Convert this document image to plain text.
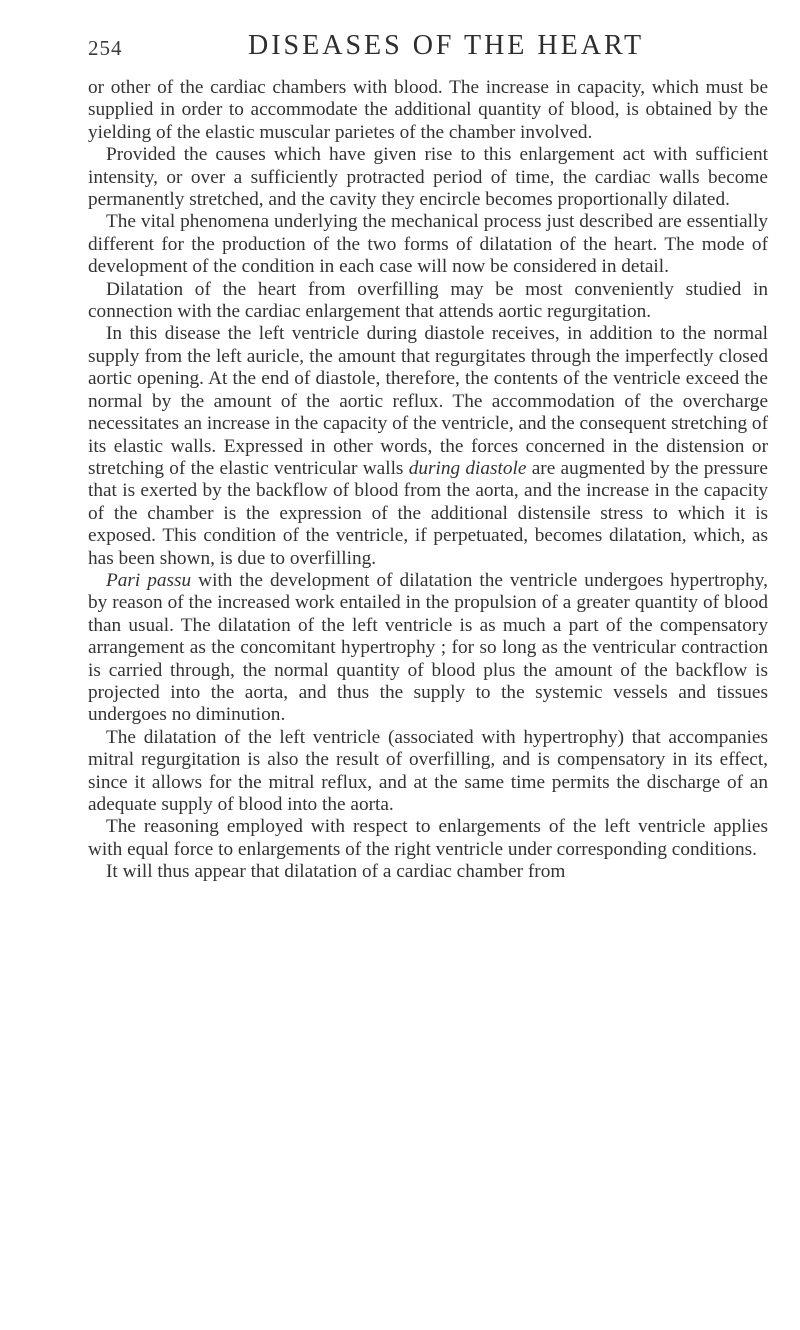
254	DISEASES OF THE HEART

or other of the cardiac chambers with blood. The increase in capacity, which must be supplied in order to accommodate the additional quantity of blood, is obtained by the yielding of the elastic muscular parietes of the chamber involved.

Provided the causes which have given rise to this enlargement act with sufficient intensity, or over a sufficiently protracted period of time, the cardiac walls become permanently stretched, and the cavity they encircle becomes proportionally dilated.

The vital phenomena underlying the mechanical process just described are essentially different for the production of the two forms of dilatation of the heart. The mode of development of the condition in each case will now be considered in detail.

Dilatation of the heart from overfilling may be most conveniently studied in connection with the cardiac enlargement that attends aortic regurgitation.

In this disease the left ventricle during diastole receives, in addition to the normal supply from the left auricle, the amount that regurgitates through the imperfectly closed aortic opening. At the end of diastole, therefore, the contents of the ventricle exceed the normal by the amount of the aortic reflux. The accommodation of the overcharge necessitates an increase in the capacity of the ventricle, and the consequent stretching of its elastic walls. Expressed in other words, the forces concerned in the distension or stretching of the elastic ventricular walls during diastole are augmented by the pressure that is exerted by the backflow of blood from the aorta, and the increase in the capacity of the chamber is the expression of the additional distensile stress to which it is exposed. This condition of the ventricle, if perpetuated, becomes dilatation, which, as has been shown, is due to overfilling.

Pari passu with the development of dilatation the ventricle undergoes hypertrophy, by reason of the increased work entailed in the propulsion of a greater quantity of blood than usual. The dilatation of the left ventricle is as much a part of the compensatory arrangement as the concomitant hypertrophy ; for so long as the ventricular contraction is carried through, the normal quantity of blood plus the amount of the backflow is projected into the aorta, and thus the supply to the systemic vessels and tissues undergoes no diminution.

The dilatation of the left ventricle (associated with hypertrophy) that accompanies mitral regurgitation is also the result of overfilling, and is compensatory in its effect, since it allows for the mitral reflux, and at the same time permits the discharge of an adequate supply of blood into the aorta.

The reasoning employed with respect to enlargements of the left ventricle applies with equal force to enlargements of the right ventricle under corresponding conditions.

It will thus appear that dilatation of a cardiac chamber from
